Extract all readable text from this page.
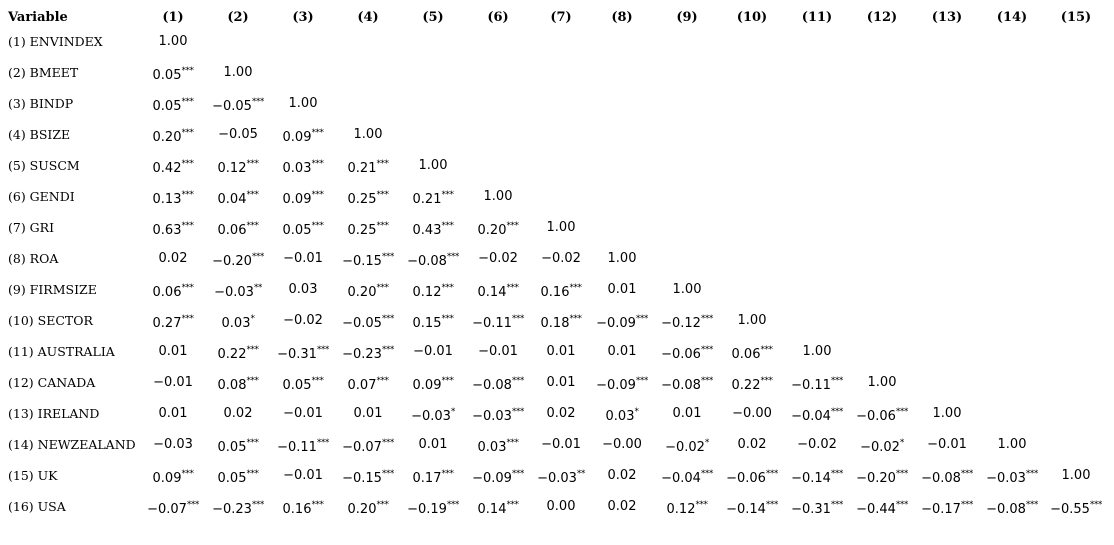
Variable	(1)	(2)	(3)	(4)	(5)	(6)	(7)	(8)	(9)	(10)	(11)	(12)	(13)	(14)	(15)
(1) ENVINDEX	1.00
(2) BMEET	0.05*** 1.00
(3) BINDP	0.05*** −0.05*** 1.00
(4) BSIZE	0.20*** −0.05 0.09*** 1.00
(5) SUSCM	0.42*** 0.12*** 0.03*** 0.21*** 1.00
(6) GENDI	0.13*** 0.04*** 0.09*** 0.25*** 0.21*** 1.00
(7) GRI	0.63*** 0.06*** 0.05*** 0.25*** 0.43*** 0.20*** 1.00
(8) ROA	0.02 −0.20*** −0.01 −0.15*** −0.08*** −0.02 −0.02 1.00
(9) FIRMSIZE	0.06*** −0.03** 0.03 0.20*** 0.12*** 0.14*** 0.16*** 0.01	1.00
(10) SECTOR	0.27*** 0.03* −0.02 −0.05*** 0.15*** −0.11*** 0.18*** −0.09*** −0.12*** 1.00
(11) AUSTRALIA	0.01 0.22*** −0.31*** −0.23*** −0.01 −0.01 0.01 0.01 −0.06*** 0.06*** 1.00
(12) CANADA	−0.01 0.08*** 0.05*** 0.07*** 0.09*** −0.08*** 0.01 −0.09*** −0.08*** 0.22*** −0.11*** 1.00
(13) IRELAND	0.01	0.02 −0.01 0.01 −0.03* −0.03*** 0.02 0.03*	0.01 −0.00 −0.04*** −0.06*** 1.00
(14) NEWZEALAND −0.03 0.05*** −0.11*** −0.07*** 0.01 0.03*** −0.01 −0.00 −0.02* 0.02 −0.02 −0.02* −0.01 1.00
(15) UK	0.09*** 0.05*** −0.01 −0.15*** 0.17*** −0.09*** −0.03** 0.02 −0.04*** −0.06*** −0.14*** −0.20*** −0.08*** −0.03*** 1.00
(16) USA	−0.07*** −0.23*** 0.16*** 0.20*** −0.19*** 0.14*** 0.00 0.02 0.12*** −0.14*** −0.31*** −0.44*** −0.17*** −0.08*** −0.55***
